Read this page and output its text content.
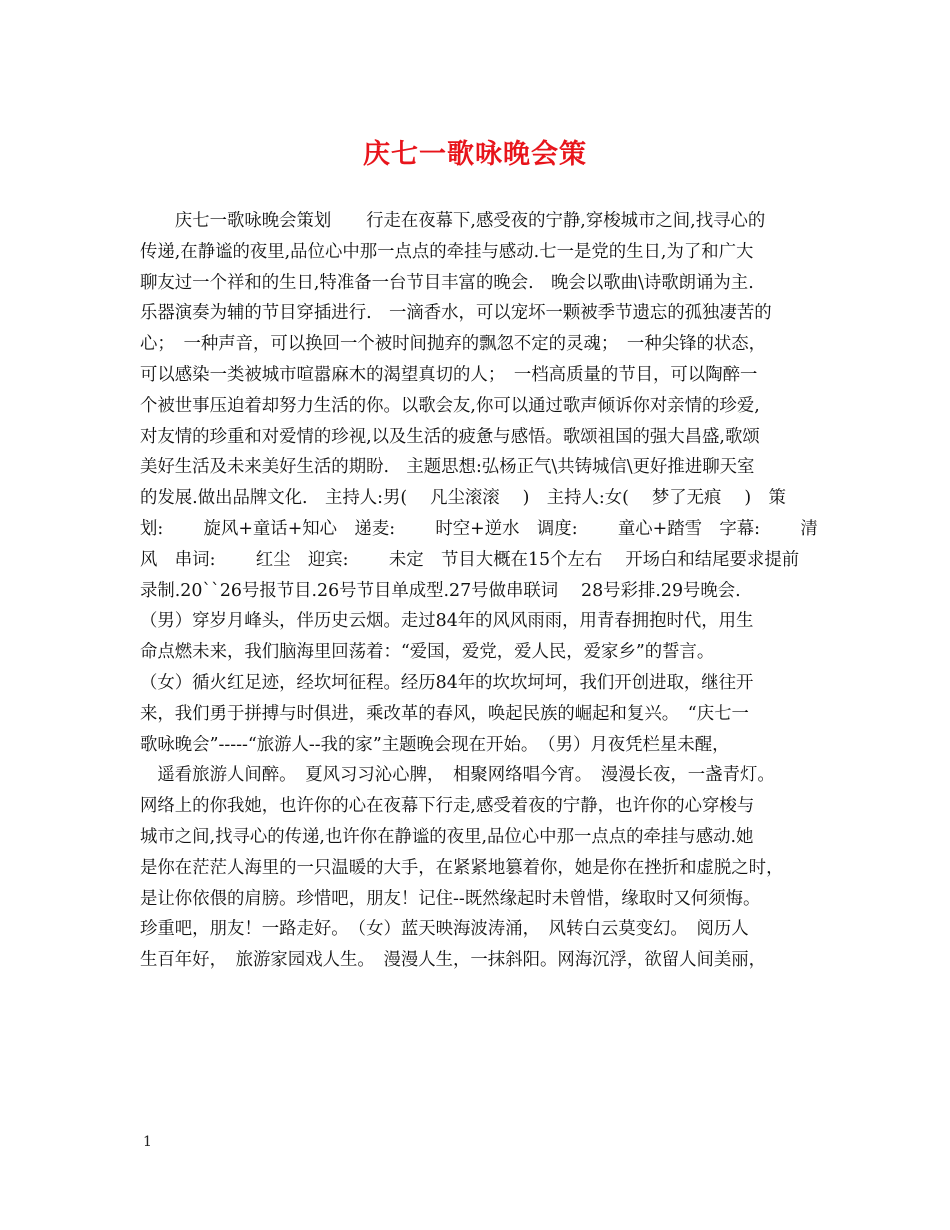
庆七一歌咏晚会策
　　庆七一歌咏晚会策划　　行走在夜幕下,感受夜的宁静,穿梭城市之间,找寻心的
传递,在静谧的夜里,品位心中那一点点的牵挂与感动.七一是党的生日,为了和广大
聊友过一个祥和的生日,特准备一台节目丰富的晚会.　晚会以歌曲\诗歌朗诵为主.
乐器演奏为辅的节目穿插进行.　一滴香水，可以宠坏一颗被季节遗忘的孤独凄苦的
心；　一种声音，可以换回一个被时间抛弃的飘忽不定的灵魂；　一种尖锋的状态，
可以感染一类被城市喧嚣麻木的渴望真切的人；　一档高质量的节目，可以陶醉一
个被世事压迫着却努力生活的你。以歌会友,你可以通过歌声倾诉你对亲情的珍爱,
对友情的珍重和对爱情的珍视,以及生活的疲惫与感悟。歌颂祖国的强大昌盛,歌颂
美好生活及未来美好生活的期盼.　主题思想:弘杨正气\共铸城信\更好推进聊天室
的发展.做出品牌文化.　主持人:男(　 凡尘滚滚　 )　主持人:女(　 梦了无痕　 )　策
划:　　 旋风+童话+知心　递麦:　　 时空+逆水　调度:　　 童心+踏雪　字幕:　　 清
风　串词:　　 红尘　迎宾:　　 未定　节目大概在15个左右　 开场白和结尾要求提前
录制.20``26号报节目.26号节目单成型.27号做串联词　 28号彩排.29号晚会.
（男）穿岁月峰头，伴历史云烟。走过84年的风风雨雨，用青春拥抱时代，用生
命点燃未来，我们脑海里回荡着：“爱国，爱党，爱人民，爱家乡”的誓言。
（女）循火红足迹，经坎坷征程。经历84年的坎坎坷坷，我们开创进取，继往开
来，我们勇于拼搏与时俱进，乘改革的春风，唤起民族的崛起和复兴。　“庆七一
歌咏晚会”-----“旅游人--我的家”主题晚会现在开始。　（男）月夜凭栏星未醒，
　遥看旅游人间醉。　夏风习习沁心脾，　相聚网络唱今宵。　漫漫长夜，一盏青灯。
网络上的你我她，也许你的心在夜幕下行走,感受着夜的宁静，也许你的心穿梭与
城市之间,找寻心的传递,也许你在静谧的夜里,品位心中那一点点的牵挂与感动.她
是你在茫茫人海里的一只温暖的大手，在紧紧地篡着你，她是你在挫折和虚脱之时，
是让你依偎的肩膀。珍惜吧，朋友！记住--既然缘起时未曾惜，缘取时又何须悔。
珍重吧，朋友！一路走好。　（女）蓝天映海波涛涌，　风转白云莫变幻。　阅历人
生百年好，　旅游家园戏人生。　漫漫人生，一抹斜阳。网海沉浮，欲留人间美丽，
1
